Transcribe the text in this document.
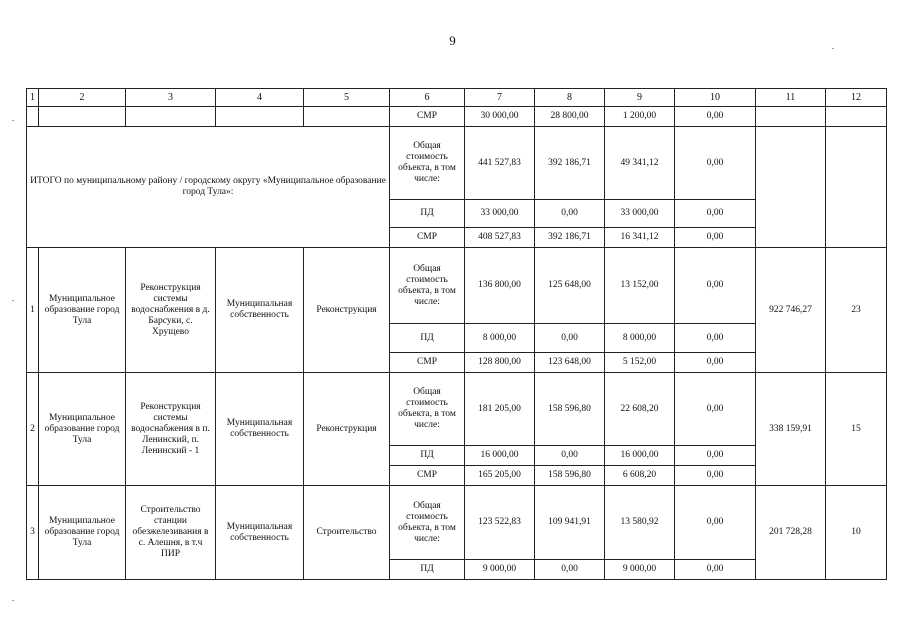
9
1	2	3	4	5	6	7	8	9	10	11	12
					СМР	30 000,00	28 800,00	1 200,00	0,00		
ИТОГО по муниципальному району / городскому округу «Муниципальное образование город Тула»:					Общая стоимость объекта, в том числе:	441 527,83	392 186,71	49 341,12	0,00		
					ПД	33 000,00	0,00	33 000,00	0,00		
					СМР	408 527,83	392 186,71	16 341,12	0,00		
1	Муниципальное образование город Тула	Реконструкция системы водоснабжения в д. Барсуки, с. Хрущево	Муниципальная собственность	Реконструкция	Общая стоимость объекта, в том числе:	136 800,00	125 648,00	13 152,00	0,00	922 746,27	23
					ПД	8 000,00	0,00	8 000,00	0,00		
					СМР	128 800,00	123 648,00	5 152,00	0,00		
2	Муниципальное образование город Тула	Реконструкция системы водоснабжения в п. Ленинский, п. Ленинский - 1	Муниципальная собственность	Реконструкция	Общая стоимость объекта, в том числе:	181 205,00	158 596,80	22 608,20	0,00	338 159,91	15
					ПД	16 000,00	0,00	16 000,00	0,00		
					СМР	165 205,00	158 596,80	6 608,20	0,00		
3	Муниципальное образование город Тула	Строительство станции обезжелезивания в с. Алешня, в т.ч ПИР	Муниципальная собственность	Строительство	Общая стоимость объекта, в том числе:	123 522,83	109 941,91	13 580,92	0,00	201 728,28	10
					ПД	9 000,00	0,00	9 000,00	0,00		
